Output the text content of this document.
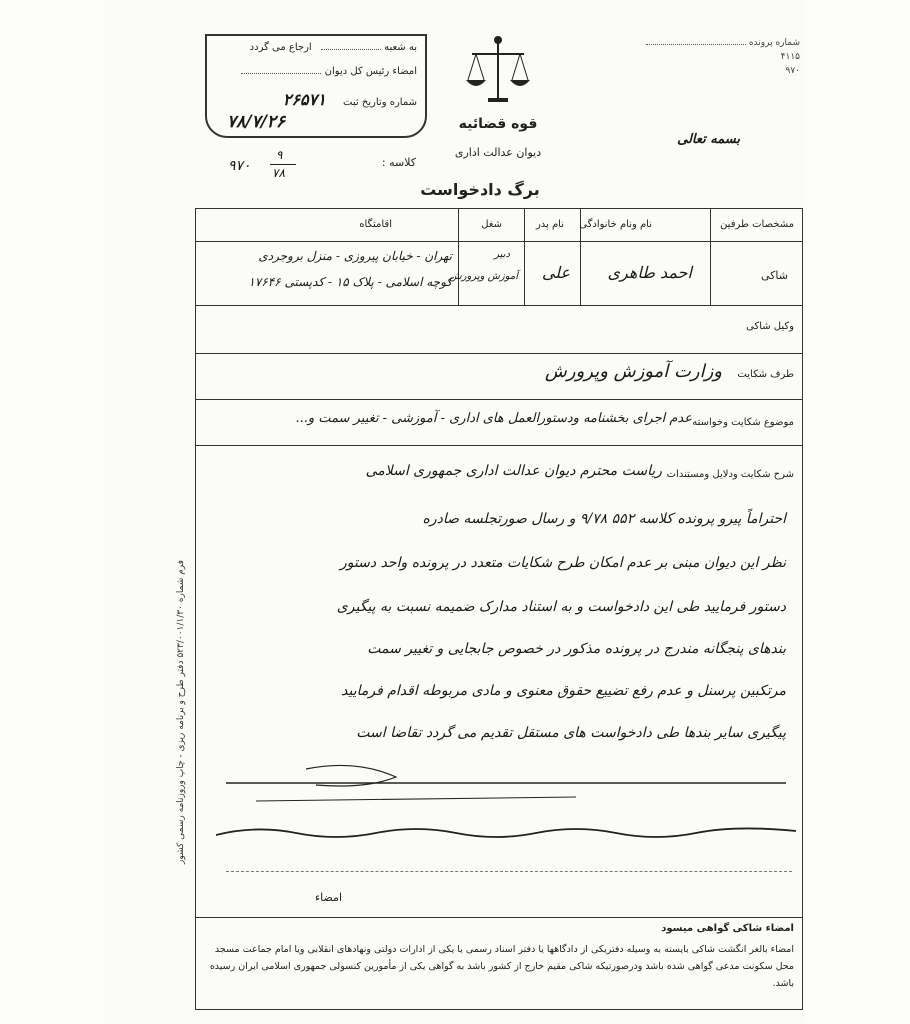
به شعبه  ارجاع می گردد
امضاء رئیس کل دیوان
شماره وتاریخ ثبت ۲۶۵۷۱
۷۸/۷/۲۶	قوه قضائیه
دیوان عدالت اداری
شماره پرونده
۴۱۱۵
۹۷۰
بسمه تعالی
کلاسه :
۹۷۰
۹
۷۸
برگ دادخواست
مشخصات طرفین
نام ونام خانوادگی
نام پدر
شغل
اقامتگاه
شاکی
احمد طاهری
علی
دبیر
آموزش وپرورش
تهران - خیابان پیروزی - منزل بروجردی
کوچه اسلامی - پلاک ۱۵ - کدپستی ۱۷۶۴۶
وکیل شاکی
طرف شکایت
وزارت آموزش وپرورش
موضوع شکایت وخواسته
عدم اجرای بخشنامه ودستورالعمل های اداری - آموزشی - تغییر سمت و...
شرح شکایت ودلایل ومستندات
ریاست محترم دیوان عدالت اداری جمهوری اسلامی
احتراماً پیرو پرونده کلاسه ۵۵۲ ۹/۷۸ و رسال صورتجلسه صادره
نظر این دیوان مبنی بر عدم امکان طرح شکایات متعدد در پرونده واحد دستور
دستور فرمایید طی این دادخواست و به استناد مدارک ضمیمه نسبت به پیگیری
بندهای پنجگانه مندرج در پرونده مذکور در خصوص جابجایی و تغییر سمت
مرتکبین پرسنل و عدم رفع تضییع حقوق معنوی و مادی مربوطه اقدام فرمایید
پیگیری سایر بندها طی دادخواست های مستقل تقدیم می گردد تقاضا است
امضاء
امضاء شاکی گواهی میسود
امضاء بالغر انگشت شاکی بایسته به وسیله دفتریکی از دادگاهها یا دفتر اسناد رسمی یا یکی از ادارات دولتی ونهادهای انقلابی ویا امام جماعت مسجد محل سکونت مدعی گواهی شده باشد ودرصورتیکه شاکی مقیم خارج از کشور باشد به گواهی یکی از مأمورین کنسولی جمهوری اسلامی ایران رسیده باشد.
فرم شماره ۵۲۳/۰۰۱/۱/۳۰ دفتر طرح و برنامه ریزی - چاپ وروزنامه رسمی کشور
